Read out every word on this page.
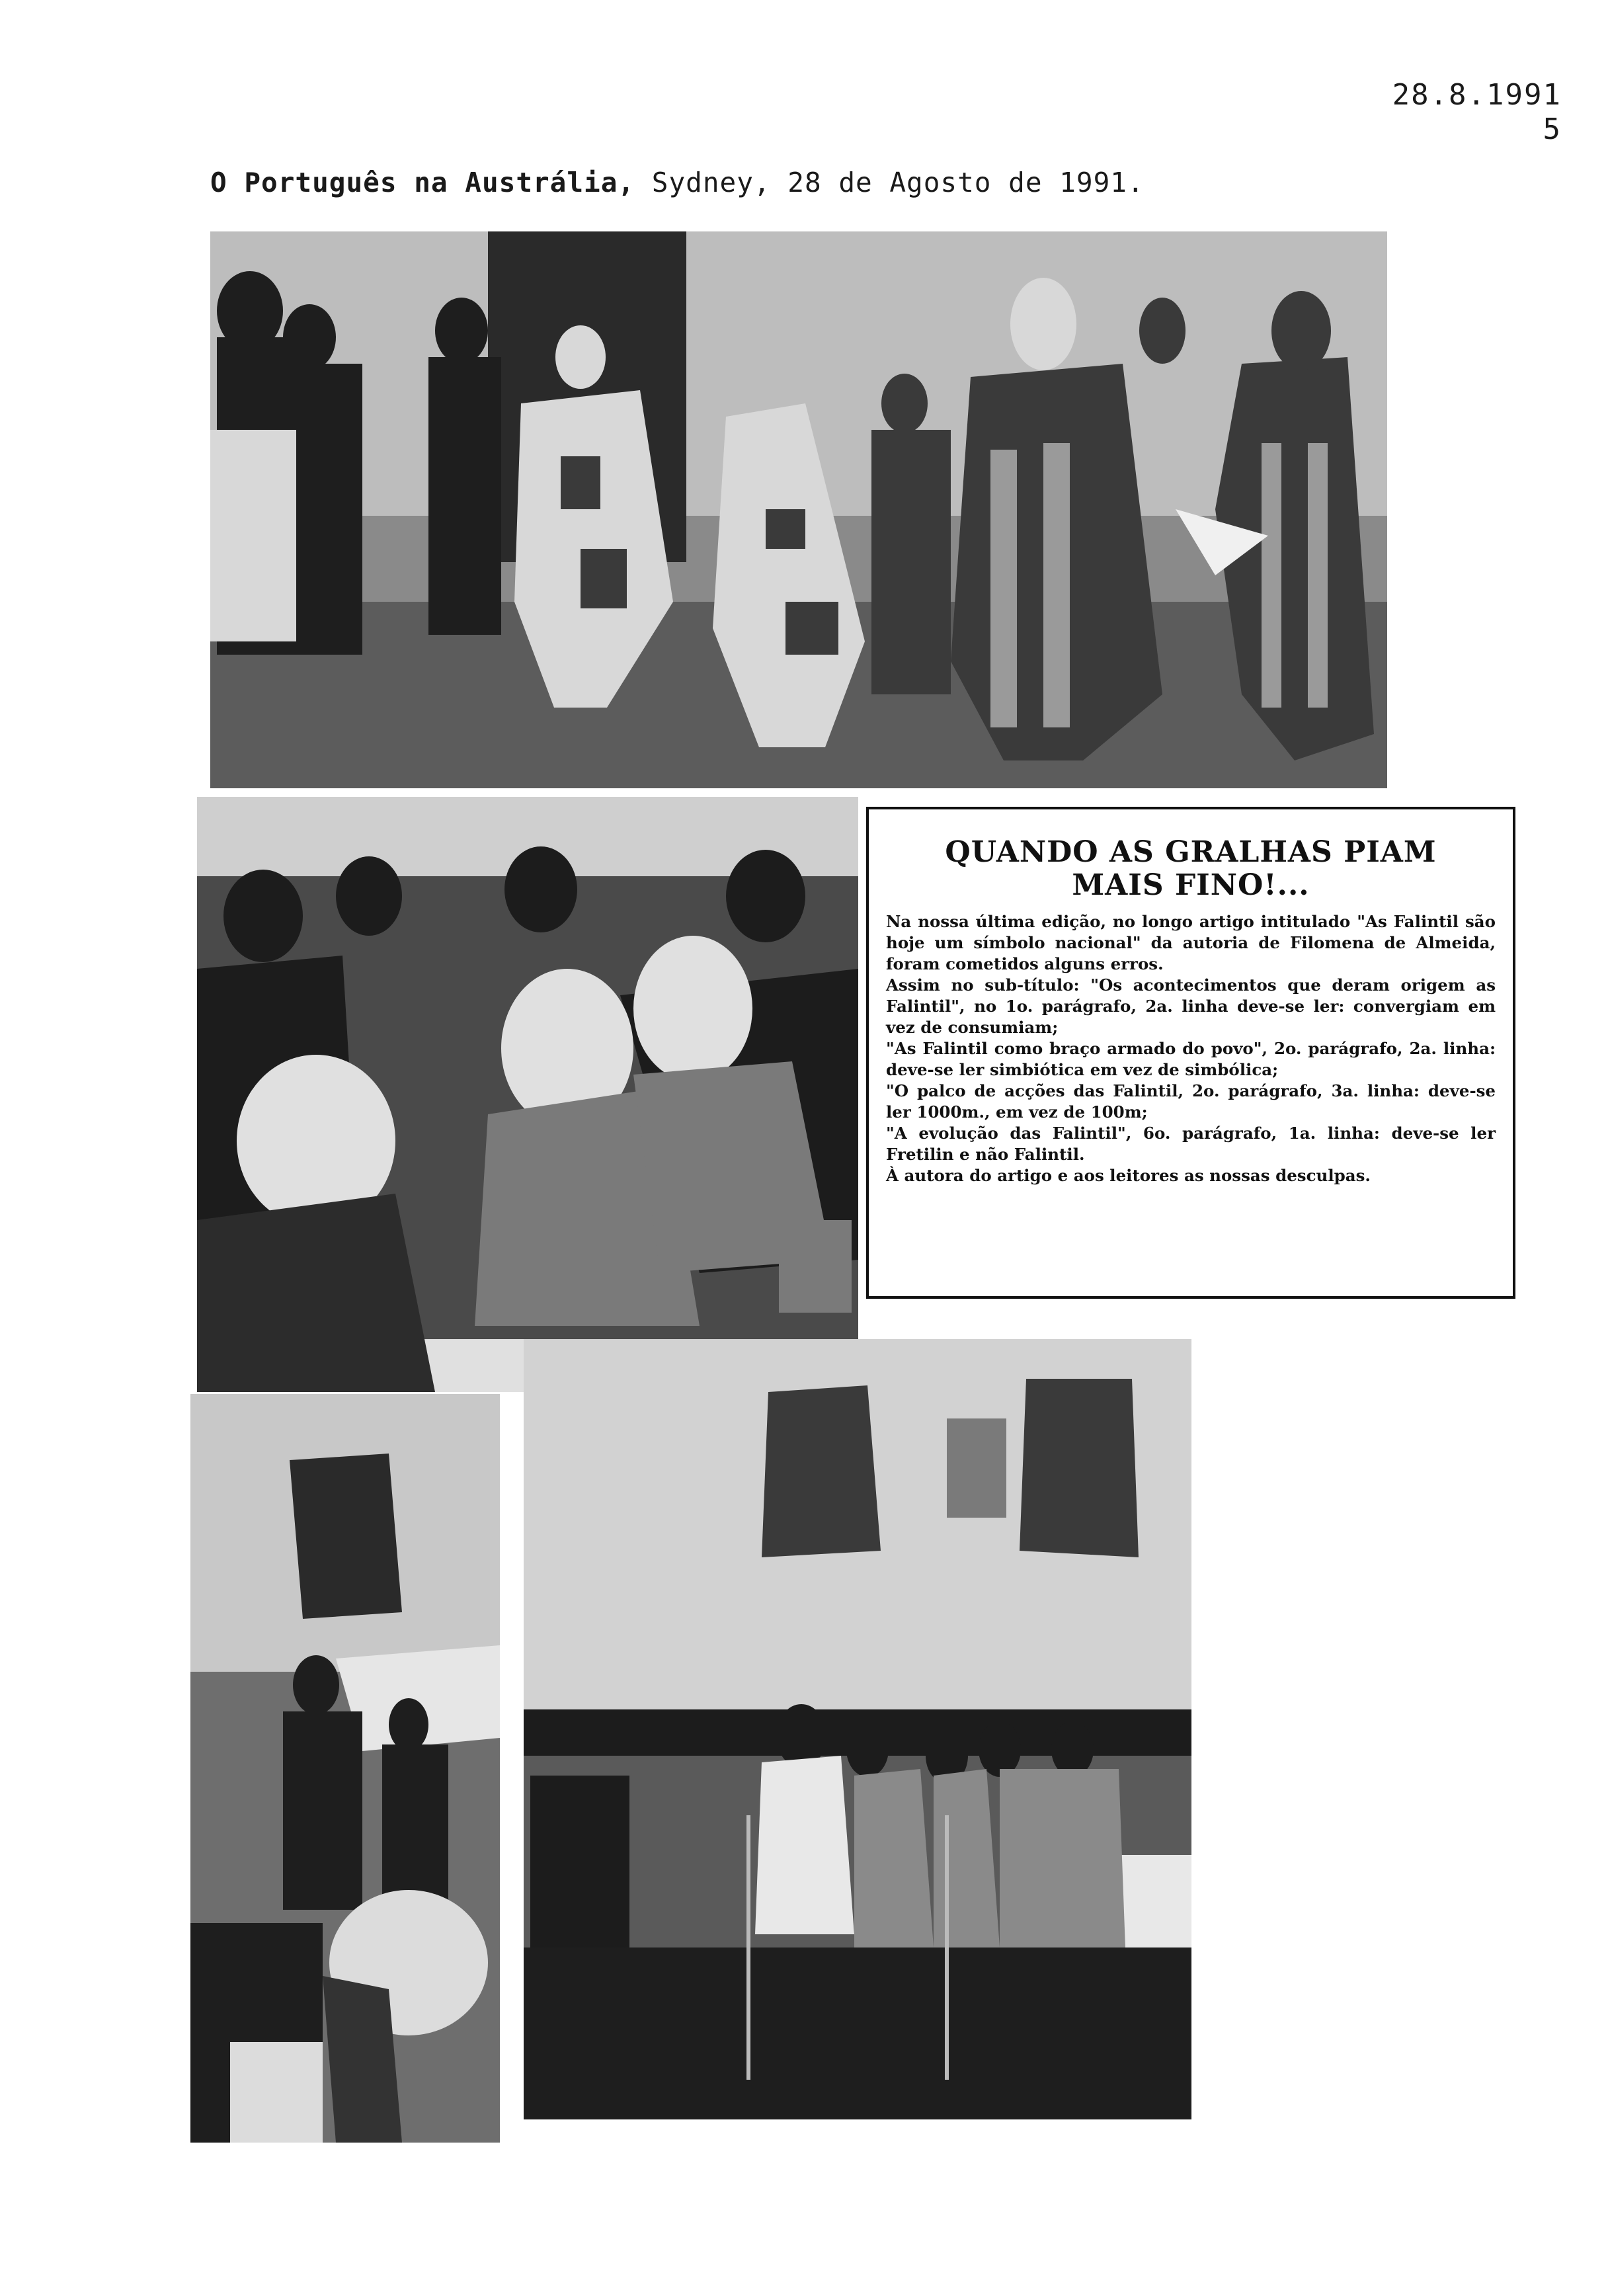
28.8.1991
5
O Português na Austrália, Sydney, 28 de Agosto de 1991.
QUANDO AS GRALHAS PIAM MAIS FINO!...

Na nossa última edição, no longo artigo intitulado "As Falintil são hoje um símbolo nacional" da autoria de Filomena de Almeida, foram cometidos alguns erros.

Assim no sub-título: "Os acontecimentos que deram origem as Falintil", no 1o. parágrafo, 2a. linha deve-se ler: convergiam em vez de consumiam;

"As Falintil como braço armado do povo", 2o. parágrafo, 2a. linha: deve-se ler simbiótica em vez de simbólica;

"O palco de acções das Falintil, 2o. parágrafo, 3a. linha: deve-se ler 1000m., em vez de 100m;

"A evolução das Falintil", 6o. parágrafo, 1a. linha: deve-se ler Fretilin e não Falintil.

À autora do artigo e aos leitores as nossas desculpas.
